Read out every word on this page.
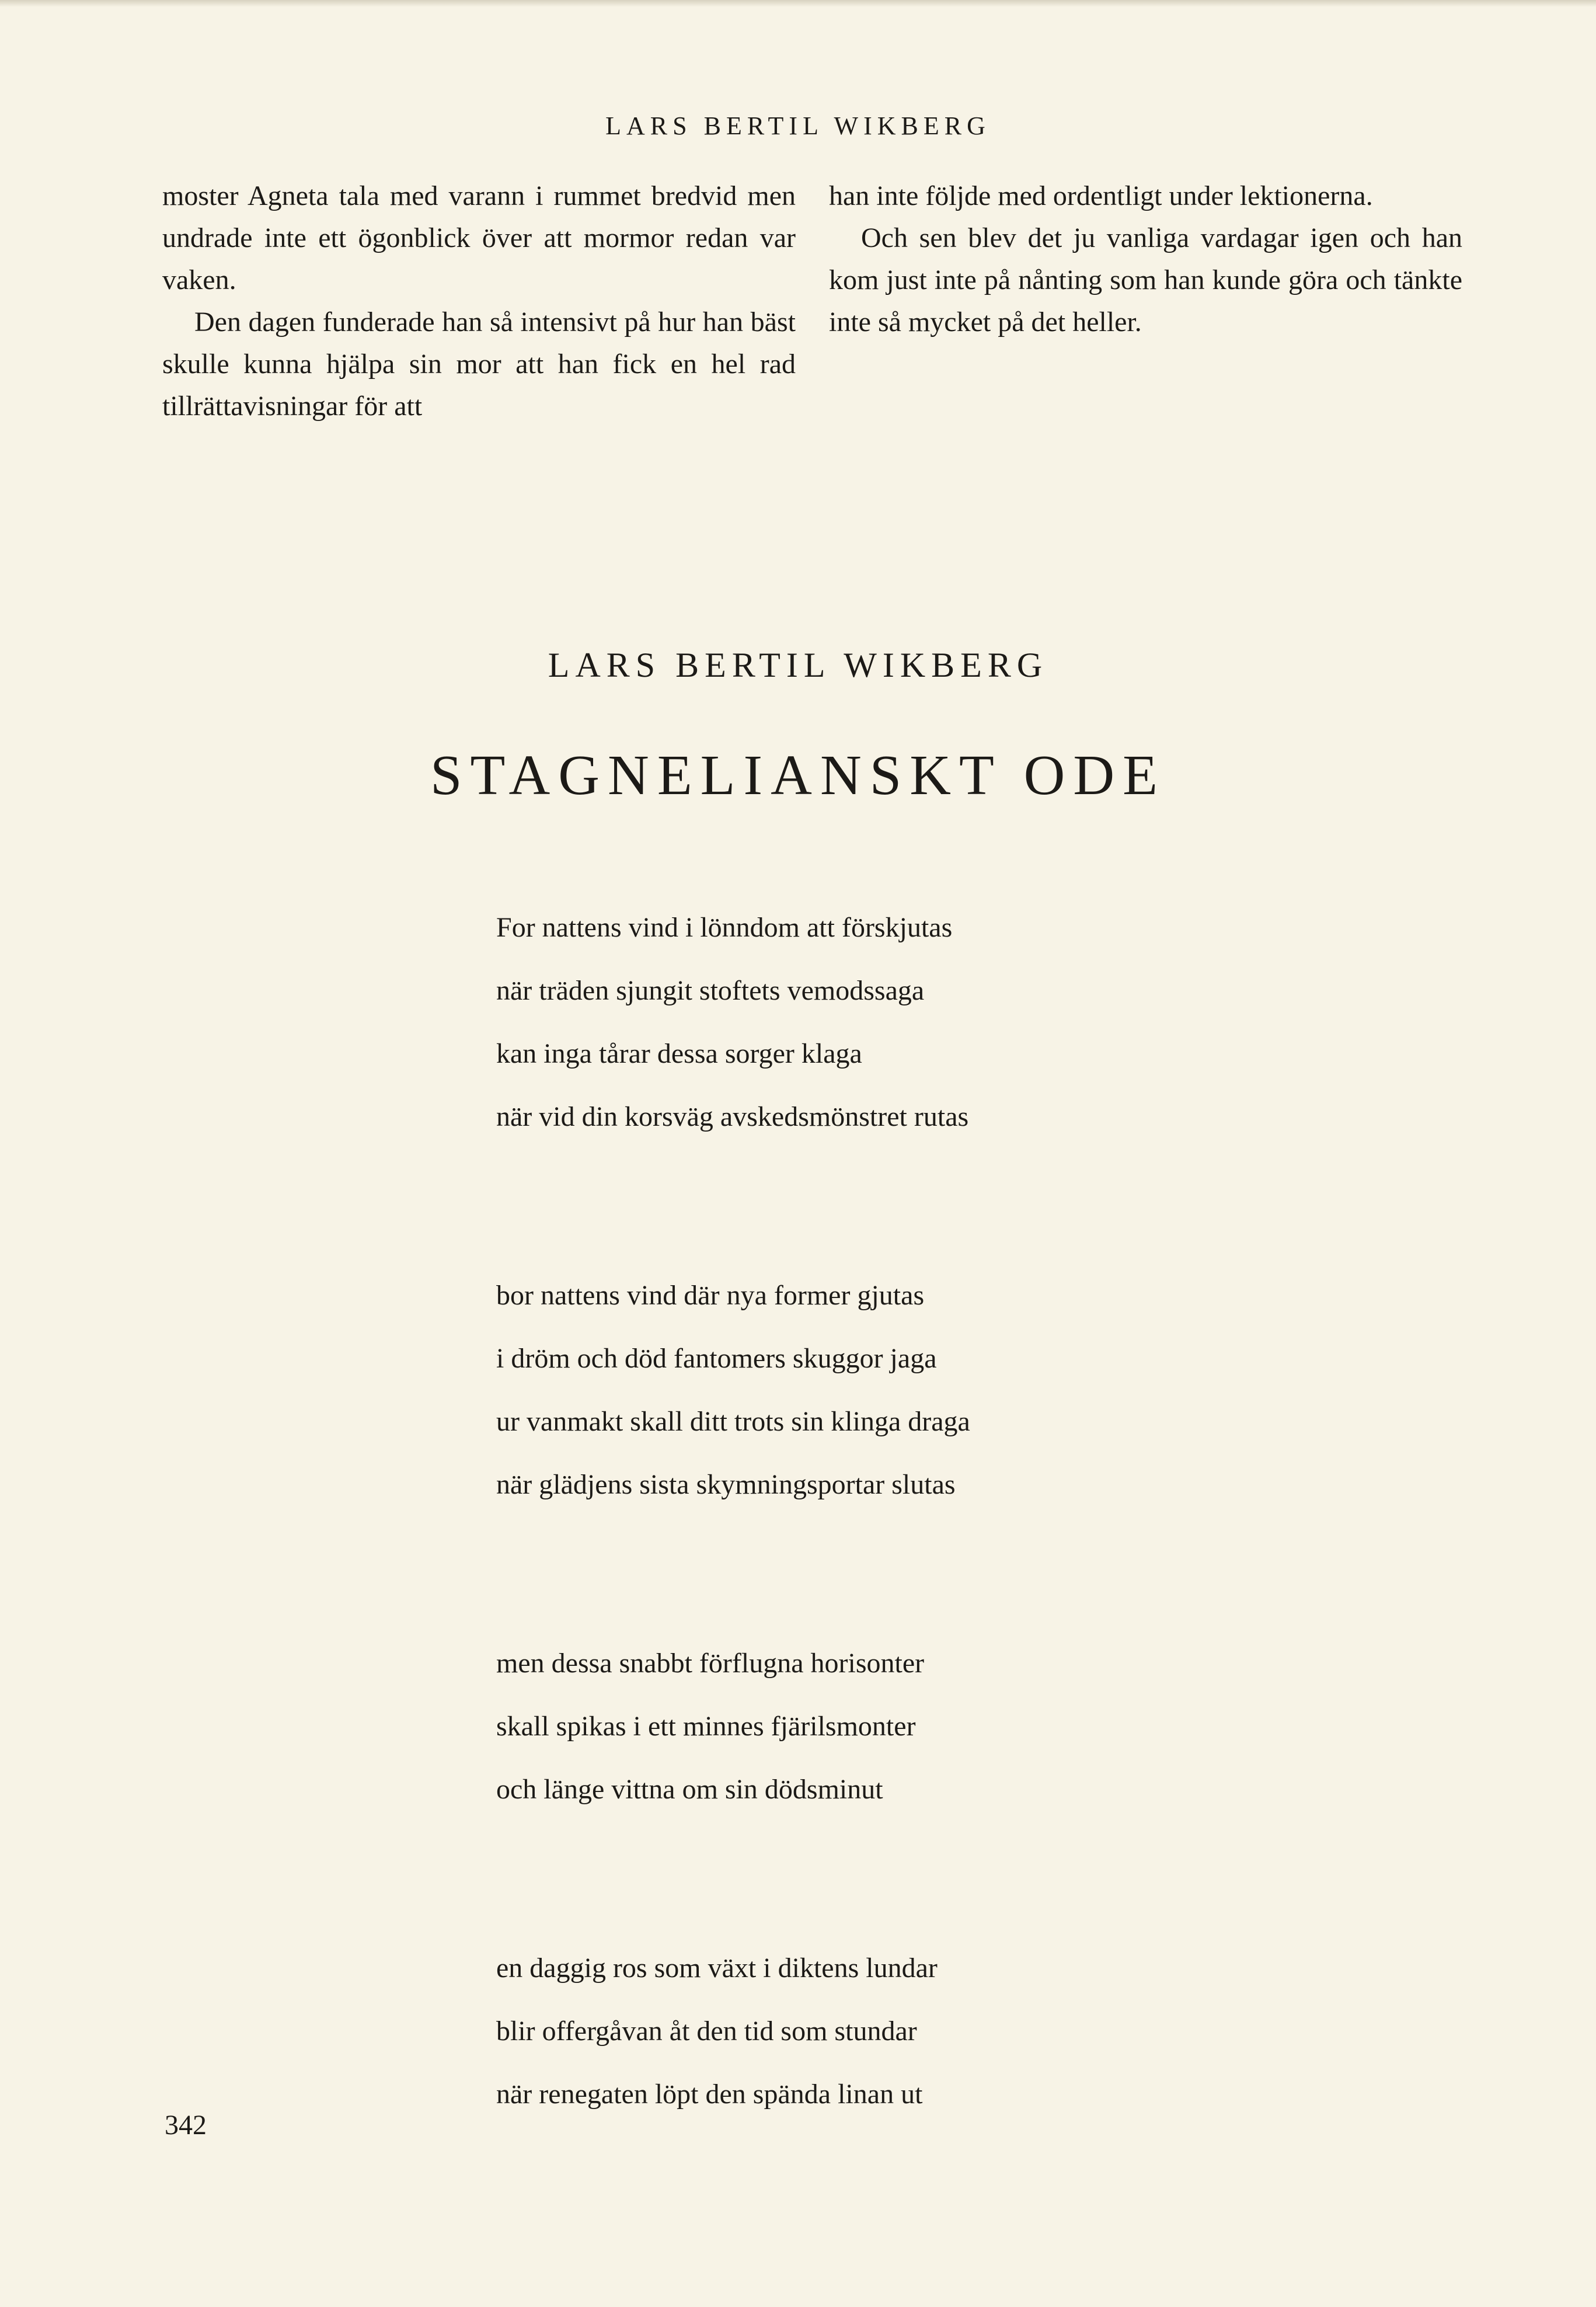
LARS BERTIL WIKBERG

moster Agneta tala med varann i rummet bredvid men undrade inte ett ögonblick över att mormor redan var vaken.

Den dagen funderade han så intensivt på hur han bäst skulle kunna hjälpa sin mor att han fick en hel rad tillrättavisningar för att

han inte följde med ordentligt under lektionerna.

Och sen blev det ju vanliga vardagar igen och han kom just inte på nånting som han kunde göra och tänkte inte så mycket på det heller.

LARS BERTIL WIKBERG
STAGNELIANSKT ODE
For nattens vind i lönndom att förskjutas
när träden sjungit stoftets vemodssaga
kan inga tårar dessa sorger klaga
när vid din korsväg avskedsmönstret rutas
bor nattens vind där nya former gjutas
i dröm och död fantomers skuggor jaga
ur vanmakt skall ditt trots sin klinga draga
när glädjens sista skymningsportar slutas
men dessa snabbt förflugna horisonter
skall spikas i ett minnes fjärilsmonter
och länge vittna om sin dödsminut
en daggig ros som växt i diktens lundar
blir offergåvan åt den tid som stundar
när renegaten löpt den spända linan ut
342
